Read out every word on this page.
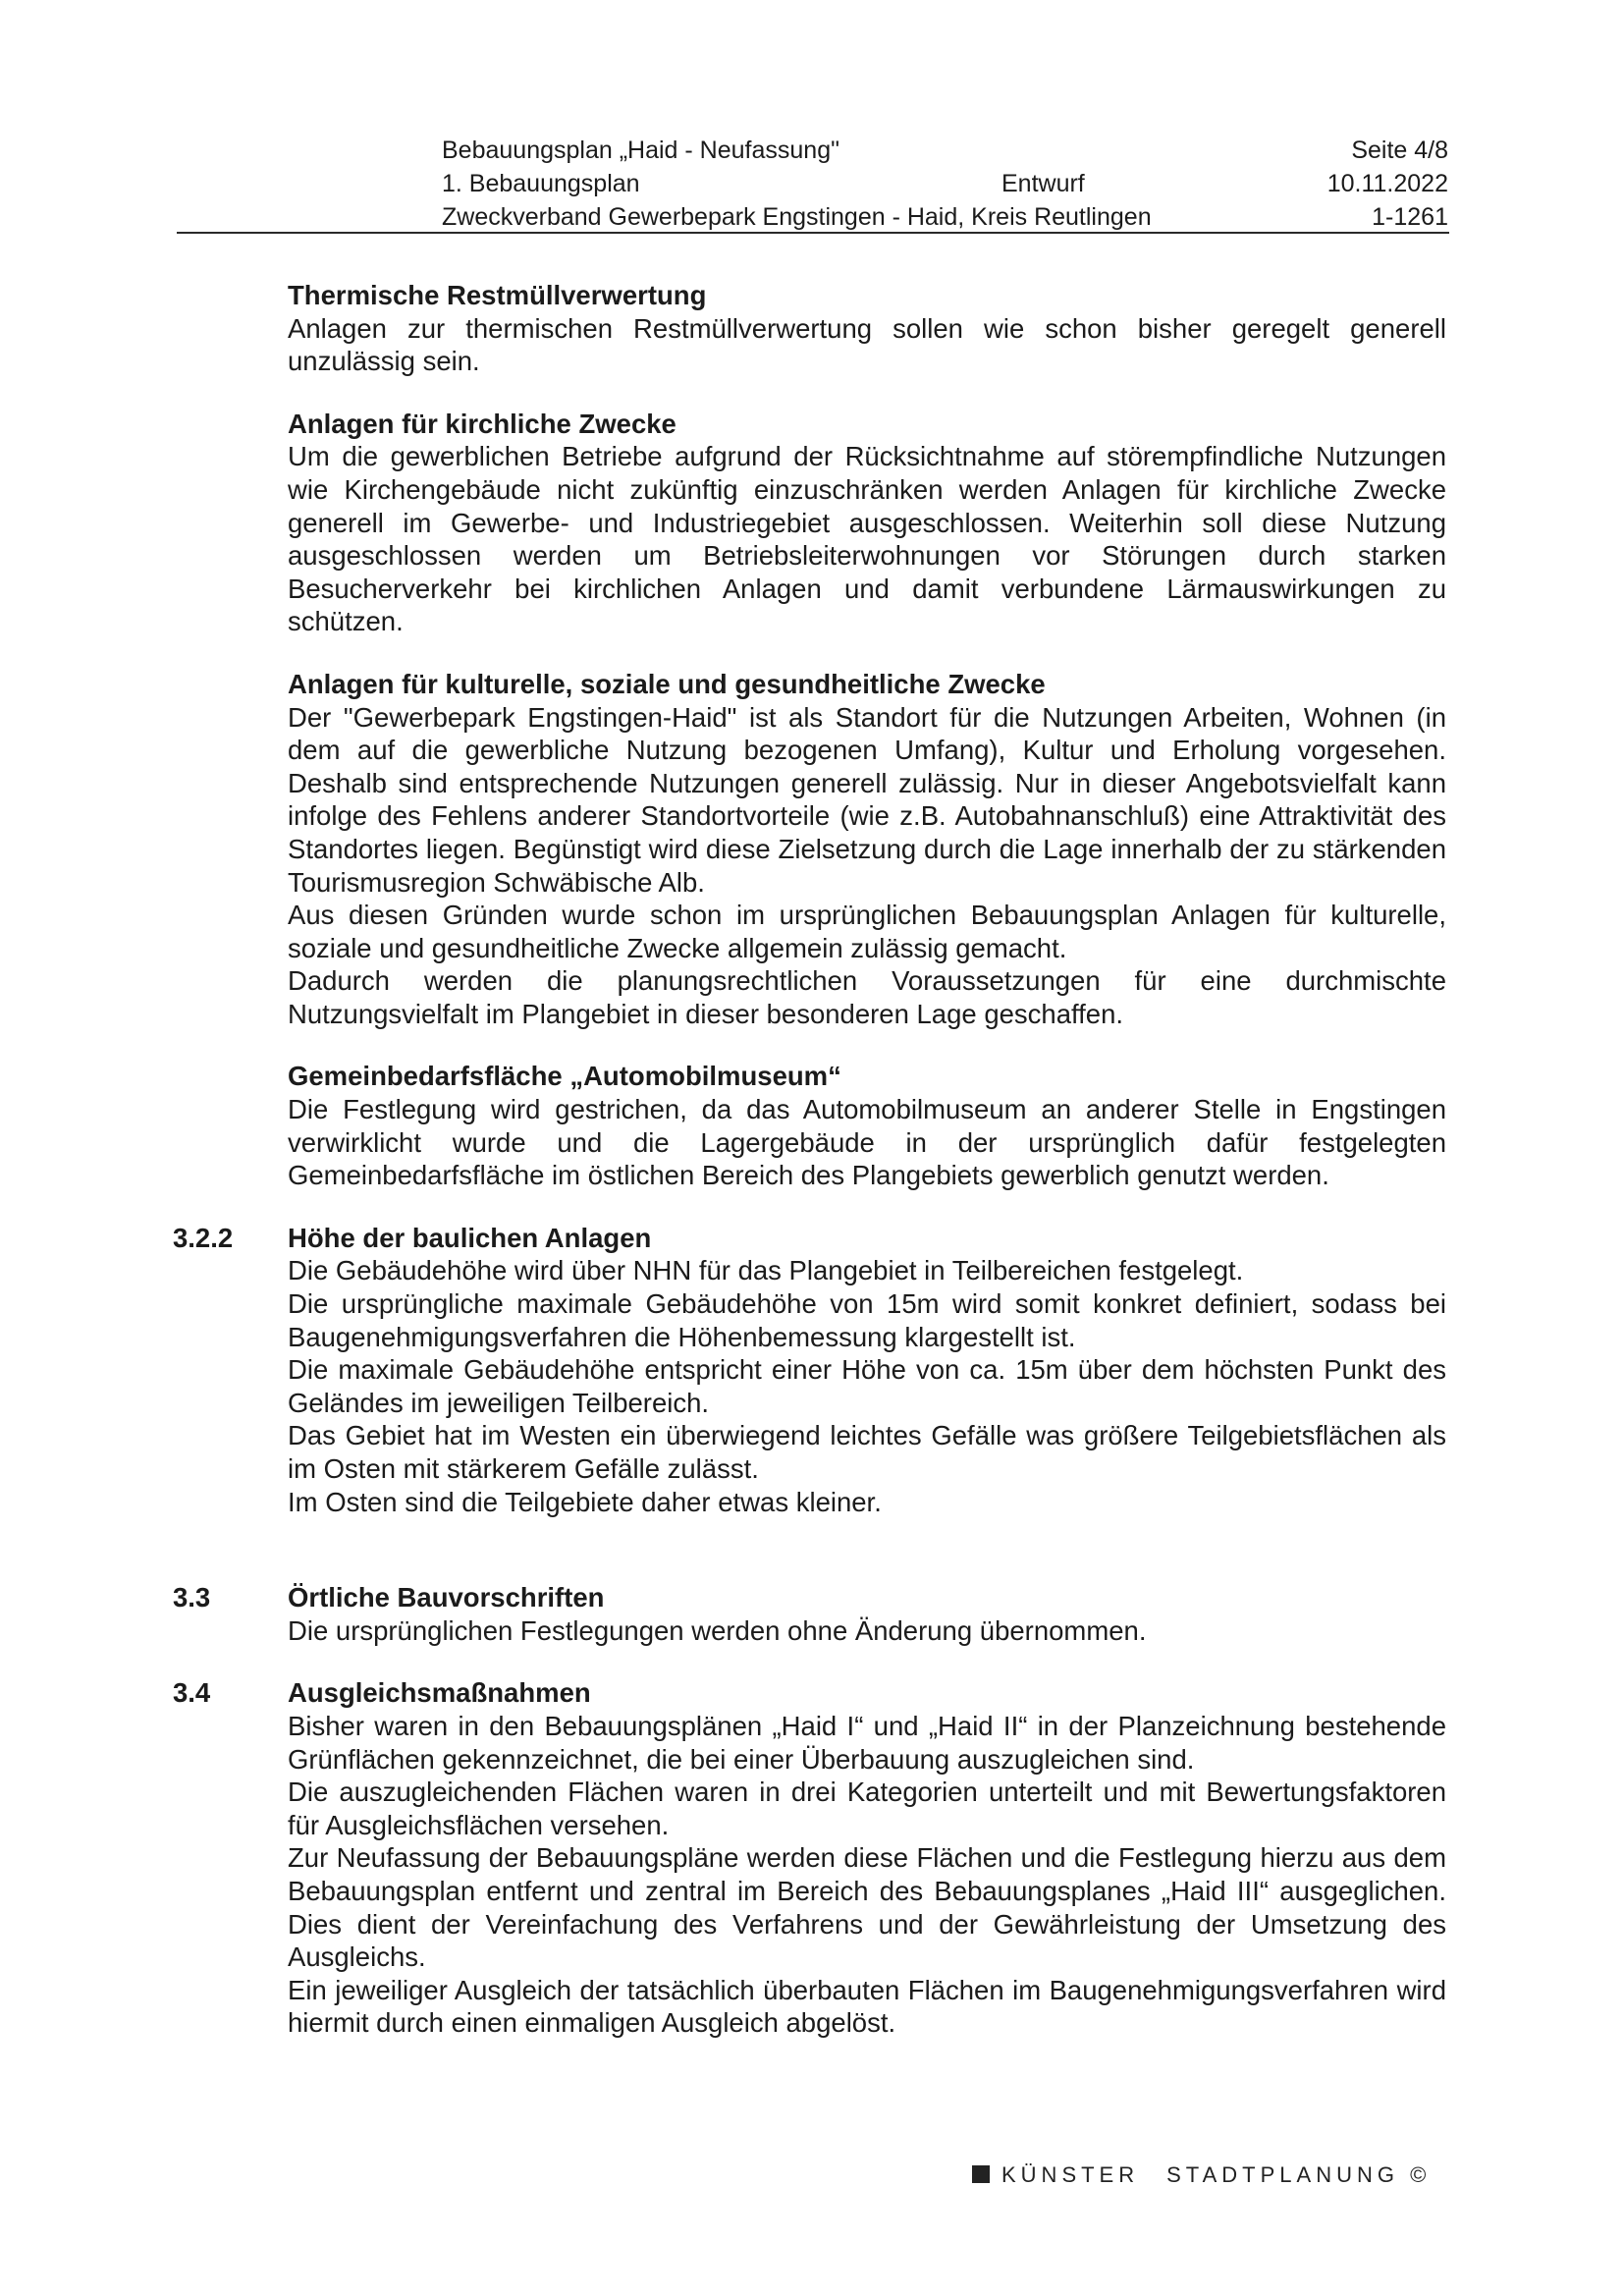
Bebauungsplan „Haid - Neufassung"	Seite 4/8
1. Bebauungsplan	Entwurf	10.11.2022
Zweckverband Gewerbepark Engstingen - Haid, Kreis Reutlingen	1-1261
Thermische Restmüllverwertung
Anlagen zur thermischen Restmüllverwertung sollen wie schon bisher geregelt generell unzulässig sein.
Anlagen für kirchliche Zwecke
Um die gewerblichen Betriebe aufgrund der Rücksichtnahme auf störempfindliche Nutzungen wie Kirchengebäude nicht zukünftig einzuschränken werden Anlagen für kirchliche Zwecke generell im Gewerbe- und Industriegebiet ausgeschlossen. Weiterhin soll diese Nutzung ausgeschlossen werden um Betriebsleiterwohnungen vor Störungen durch starken Besucherverkehr bei kirchlichen Anlagen und damit verbundene Lärmauswirkungen zu schützen.
Anlagen für kulturelle, soziale und gesundheitliche Zwecke
Der "Gewerbepark Engstingen-Haid" ist als Standort für die Nutzungen Arbeiten, Wohnen (in dem auf die gewerbliche Nutzung bezogenen Umfang), Kultur und Erholung vorgesehen. Deshalb sind entsprechende Nutzungen generell zulässig. Nur in dieser Angebotsvielfalt kann infolge des Fehlens anderer Standortvorteile (wie z.B. Autobahnanschluß) eine Attraktivität des Standortes liegen. Begünstigt wird diese Zielsetzung durch die Lage innerhalb der zu stärkenden Tourismusregion Schwäbische Alb.
Aus diesen Gründen wurde schon im ursprünglichen Bebauungsplan Anlagen für kulturelle, soziale und gesundheitliche Zwecke allgemein zulässig gemacht.
Dadurch werden die planungsrechtlichen Voraussetzungen für eine durchmischte Nutzungsvielfalt im Plangebiet in dieser besonderen Lage geschaffen.
Gemeinbedarfsfläche „Automobilmuseum“
Die Festlegung wird gestrichen, da das Automobilmuseum an anderer Stelle in Engstingen verwirklicht wurde und die Lagergebäude in der ursprünglich dafür festgelegten Gemeinbedarfsfläche im östlichen Bereich des Plangebiets gewerblich genutzt werden.
3.2.2 Höhe der baulichen Anlagen
Die Gebäudehöhe wird über NHN für das Plangebiet in Teilbereichen festgelegt.
Die ursprüngliche maximale Gebäudehöhe von 15m wird somit konkret definiert, sodass bei Baugenehmigungsverfahren die Höhenbemessung klargestellt ist.
Die maximale Gebäudehöhe entspricht einer Höhe von ca. 15m über dem höchsten Punkt des Geländes im jeweiligen Teilbereich.
Das Gebiet hat im Westen ein überwiegend leichtes Gefälle was größere Teilgebietsflächen als im Osten mit stärkerem Gefälle zulässt.
Im Osten sind die Teilgebiete daher etwas kleiner.
3.3	Örtliche Bauvorschriften
Die ursprünglichen Festlegungen werden ohne Änderung übernommen.
3.4	Ausgleichsmaßnahmen
Bisher waren in den Bebauungsplänen „Haid I“ und „Haid II“ in der Planzeichnung bestehende Grünflächen gekennzeichnet, die bei einer Überbauung auszugleichen sind.
Die auszugleichenden Flächen waren in drei Kategorien unterteilt und mit Bewertungsfaktoren für Ausgleichsflächen versehen.
Zur Neufassung der Bebauungspläne werden diese Flächen und die Festlegung hierzu aus dem Bebauungsplan entfernt und zentral im Bereich des Bebauungsplanes „Haid III“ ausgeglichen. Dies dient der Vereinfachung des Verfahrens und der Gewährleistung der Umsetzung des Ausgleichs.
Ein jeweiliger Ausgleich der tatsächlich überbauten Flächen im Baugenehmigungsverfahren wird hiermit durch einen einmaligen Ausgleich abgelöst.
KÜNSTER STADTPLANUNG ©
